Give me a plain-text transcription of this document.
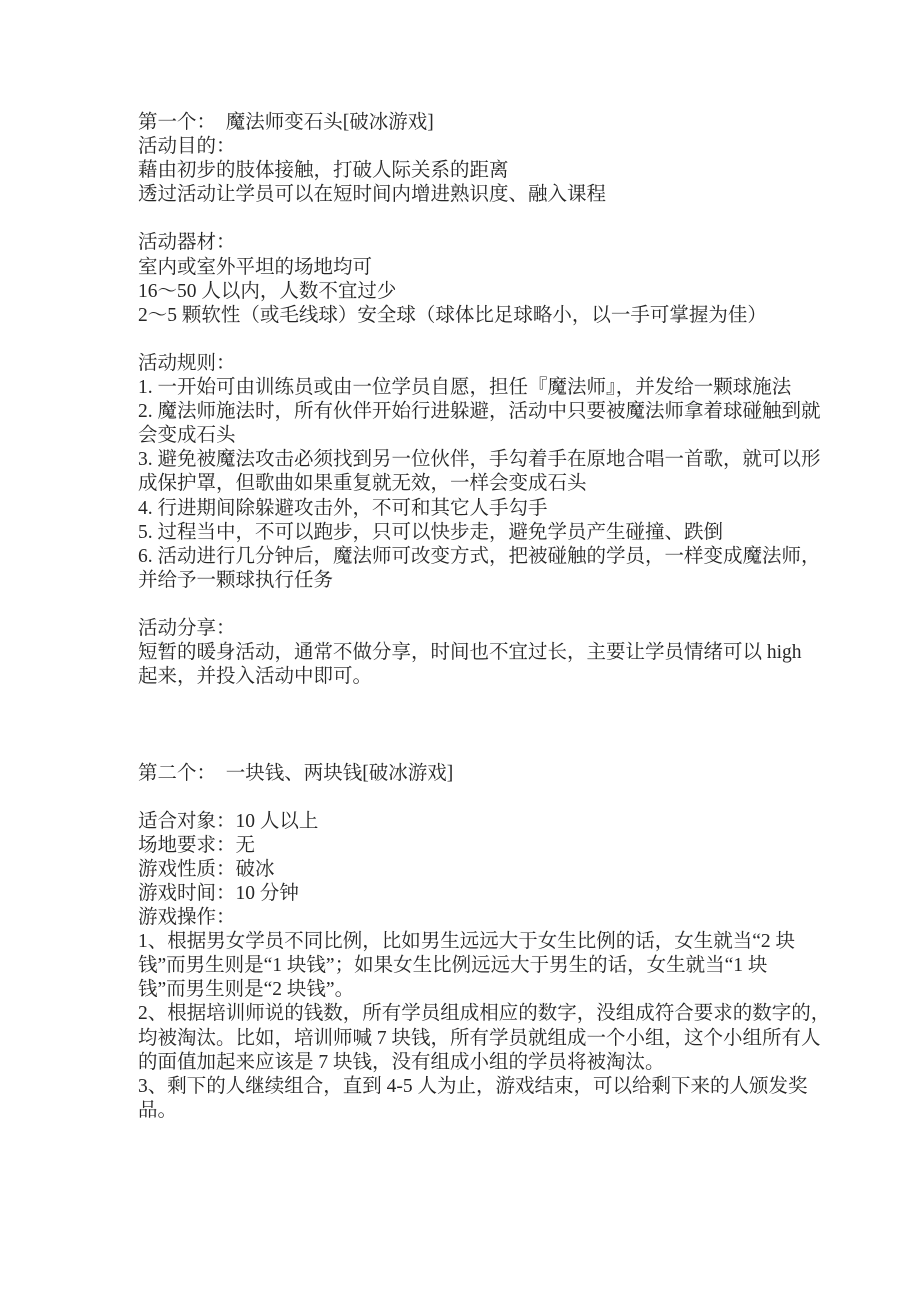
第一个：　魔法师变石头[破冰游戏]
活动目的：
藉由初步的肢体接触，打破人际关系的距离
透过活动让学员可以在短时间内增进熟识度、融入课程
活动器材：
室内或室外平坦的场地均可
16～50 人以内，人数不宜过少
2～5 颗软性（或毛线球）安全球（球体比足球略小，以一手可掌握为佳）
活动规则：
1. 一开始可由训练员或由一位学员自愿，担任『魔法师』，并发给一颗球施法
2. 魔法师施法时，所有伙伴开始行进躲避，活动中只要被魔法师拿着球碰触到就
会变成石头
3. 避免被魔法攻击必须找到另一位伙伴，手勾着手在原地合唱一首歌，就可以形
成保护罩，但歌曲如果重复就无效，一样会变成石头
4. 行进期间除躲避攻击外，不可和其它人手勾手
5. 过程当中，不可以跑步，只可以快步走，避免学员产生碰撞、跌倒
6. 活动进行几分钟后，魔法师可改变方式，把被碰触的学员，一样变成魔法师，
并给予一颗球执行任务
活动分享：
短暂的暖身活动，通常不做分享，时间也不宜过长，主要让学员情绪可以 high
起来，并投入活动中即可。
第二个：　一块钱、两块钱[破冰游戏]
适合对象：10 人以上
场地要求：无
游戏性质：破冰
游戏时间：10 分钟
游戏操作：
1、根据男女学员不同比例，比如男生远远大于女生比例的话，女生就当“2 块
钱”而男生则是“1 块钱”；如果女生比例远远大于男生的话，女生就当“1 块
钱”而男生则是“2 块钱”。
2、根据培训师说的钱数，所有学员组成相应的数字，没组成符合要求的数字的，
均被淘汰。比如，培训师喊 7 块钱，所有学员就组成一个小组，这个小组所有人
的面值加起来应该是 7 块钱，没有组成小组的学员将被淘汰。
3、剩下的人继续组合，直到 4-5 人为止，游戏结束，可以给剩下来的人颁发奖
品。
